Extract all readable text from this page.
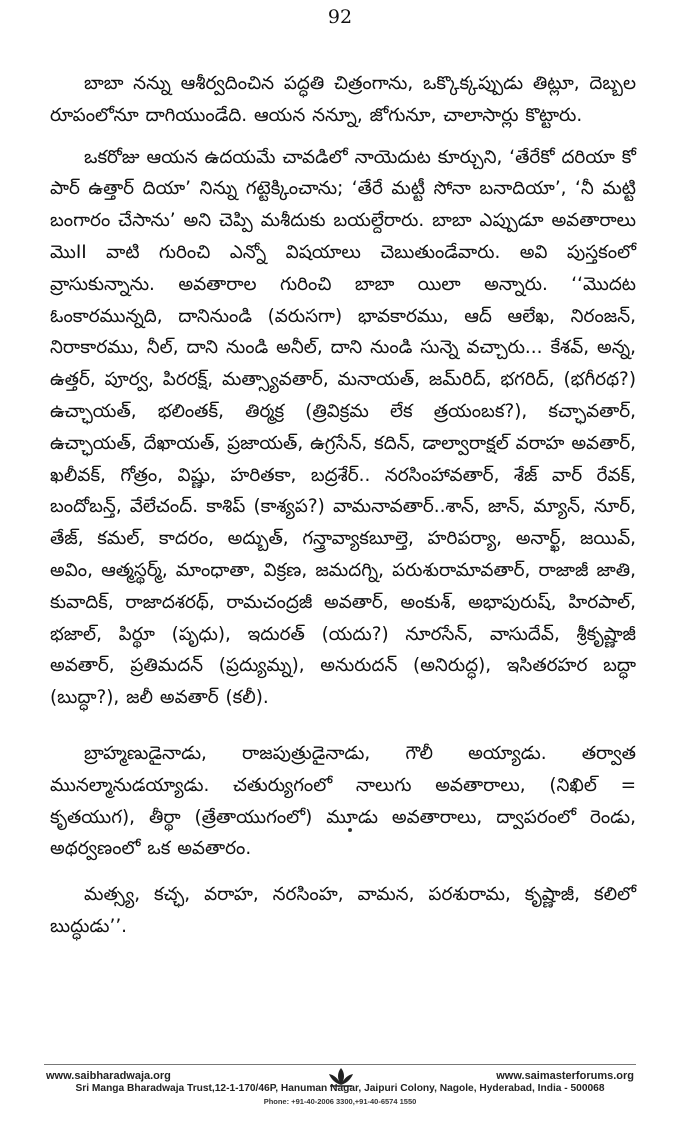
92

బాబా నన్ను ఆశీర్వదించిన పద్ధతి చిత్రంగాను, ఒక్కొక్కప్పుడు తిట్లూ, దెబ్బల రూపంలోనూ దాగియుండేది. ఆయన నన్నూ, జోగునూ, చాలాసార్లు కొట్టారు.

ఒకరోజు ఆయన ఉదయమే చావడిలో నాయెదుట కూర్చుని, ‘తేరేకో దరియా కో పార్ ఉత్తార్ దియా’ నిన్ను గట్టెక్కించాను; ‘తేరే మట్టీ సోనా బనాదియా’, ‘నీ మట్టి బంగారం చేసాను’ అని చెప్పి మశీదుకు బయల్దేరారు. బాబా ఎప్పుడూ అవతారాలు మొII వాటి గురించి ఎన్నో విషయాలు చెబుతుండేవారు. అవి పుస్తకంలో వ్రాసుకున్నాను. అవతారాల గురించి బాబా యిలా అన్నారు. ‘‘మొదట ఓంకారమున్నది, దానినుండి (వరుసగా) భావకారము, ఆద్ ఆలేఖ, నిరంజన్, నిరాకారము, నీల్, దాని నుండి అనీల్, దాని నుండి సున్నె వచ్చారు... కేశవ్, అన్న, ఉత్తర్, పూర్వ, పిరరక్ష్, మత్స్యావతార్, మనాయత్, జమ్‌రిద్, భగరిద్, (భగీరథ?) ఉచ్ఛాయత్, భలింతక్, తిర్మక్ర (త్రివిక్రమ లేక త్రయంబక?), కచ్ఛావతార్, ఉచ్ఛాయత్, దేఖాయత్, ప్రజాయత్, ఉగ్రసేన్, కదిన్, డాల్వారాక్షల్ వరాహ అవతార్, ఖలీవక్, గోత్రం, విష్ణు, హరితకా, బద్రశేర్.. నరసింహావతార్, శేజ్ వార్ రేవక్, బందోబన్త్, వేలేచంద్. కాశిప్ (కాశ్యప?) వామనావతార్..శాన్, జాన్, మ్యాన్, నూర్, తేజ్, కమల్, కాదరం, అద్బుత్, గన్త్రావ్యాకబూల్తె, హరిపర్యా, అనార్ఖ్, జయివ్, అవిం, ఆత్మస్థర్మ్, మాంధాతా, విక్రణ, జమదగ్ని, పరుశురామావతార్, రాజాజీ జాతి, కువాదిక్, రాజాదశరథ్, రామచంద్రజీ అవతార్, అంకుశ్, అభాపురుష్, హిరపాల్, భజాల్, పిర్థూ (పృధు), ఇదురత్ (యదు?) నూరసేన్, వాసుదేవ్, శ్రీకృష్ణాజీ అవతార్, ప్రతిమదన్ (ప్రద్యుమ్న), అనురుదన్ (అనిరుద్ధ), ఇసితరహర బద్ధా (బుద్ధా?), జలీ అవతార్ (కలీ).

బ్రాహ్మణుడైనాడు, రాజపుత్రుడైనాడు, గౌలీ అయ్యాడు. తర్వాత మునల్మానుడయ్యాడు. చతుర్యుగంలో నాలుగు అవతారాలు, (నిఖిల్ = కృతయుగ), తీర్థా (త్రేతాయుగంలో) మూడు అవతారాలు, ద్వాపరంలో రెండు, అథర్వణంలో ఒక అవతారం.

మత్స్య, కచ్ఛ, వరాహ, నరసింహ, వామన, పరశురామ, కృష్ణాజీ, కలిలో బుద్ధుడు’’.

www.saibharadwaja.org	www.saimasterforums.org
Sri Manga Bharadwaja Trust,12-1-170/46P, Hanuman Nagar, Jaipuri Colony, Nagole, Hyderabad, India - 500068
Phone: +91-40-2006 3300,+91-40-6574 1550
